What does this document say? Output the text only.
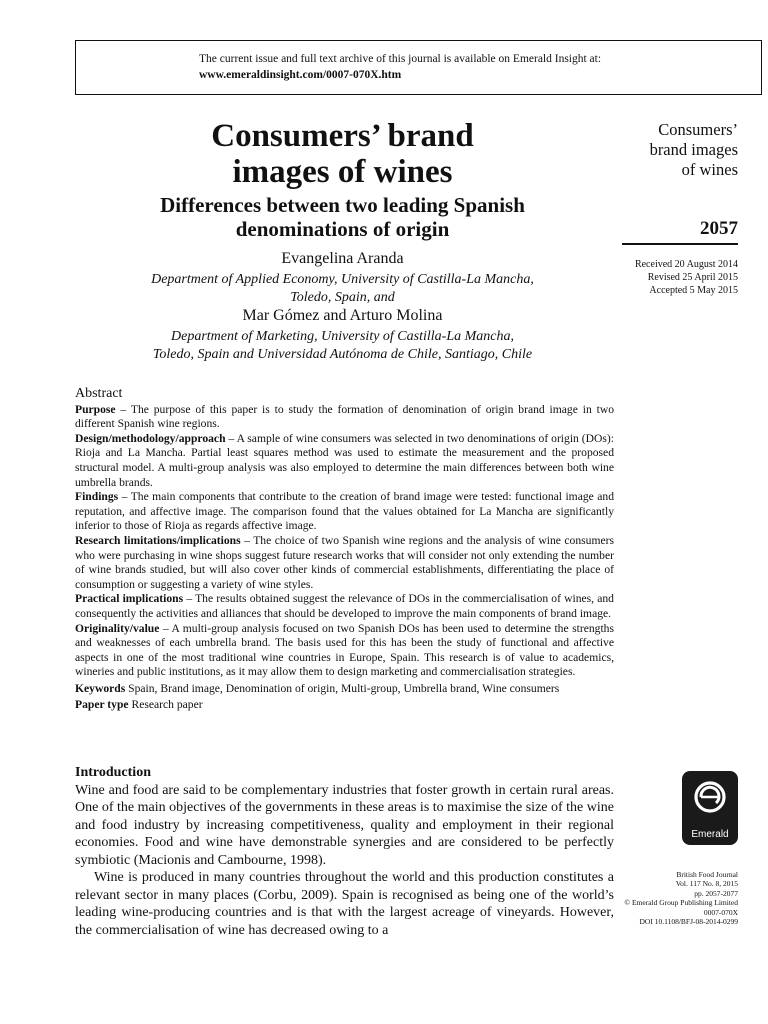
The current issue and full text archive of this journal is available on Emerald Insight at:
www.emeraldinsight.com/0007-070X.htm
Consumers’ brand
images of wines
Differences between two leading Spanish
denominations of origin
Evangelina Aranda
Department of Applied Economy, University of Castilla-La Mancha,
Toledo, Spain, and
Mar Gómez and Arturo Molina
Department of Marketing, University of Castilla-La Mancha,
Toledo, Spain and Universidad Autónoma de Chile, Santiago, Chile
Consumers’
brand images
of wines
2057
Received 20 August 2014
Revised 25 April 2015
Accepted 5 May 2015
Abstract

Purpose – The purpose of this paper is to study the formation of denomination of origin brand image in two different Spanish wine regions.

Design/methodology/approach – A sample of wine consumers was selected in two denominations of origin (DOs): Rioja and La Mancha. Partial least squares method was used to estimate the measurement and the proposed structural model. A multi-group analysis was also employed to determine the main differences between both wine umbrella brands.

Findings – The main components that contribute to the creation of brand image were tested: functional image and reputation, and affective image. The comparison found that the values obtained for La Mancha are significantly inferior to those of Rioja as regards affective image.

Research limitations/implications – The choice of two Spanish wine regions and the analysis of wine consumers who were purchasing in wine shops suggest future research works that will consider not only extending the number of wine brands studied, but will also cover other kinds of commercial establishments, differentiating the place of consumption or suggesting a variety of wine styles.

Practical implications – The results obtained suggest the relevance of DOs in the commercialisation of wines, and consequently the activities and alliances that should be developed to improve the main components of brand image.

Originality/value – A multi-group analysis focused on two Spanish DOs has been used to determine the strengths and weaknesses of each umbrella brand. The basis used for this has been the study of functional and affective aspects in one of the most traditional wine countries in Europe, Spain. This research is of value to academics, wineries and public institutions, as it may allow them to design marketing and commercialisation strategies.

Keywords Spain, Brand image, Denomination of origin, Multi-group, Umbrella brand, Wine consumers

Paper type Research paper

Introduction

Wine and food are said to be complementary industries that foster growth in certain rural areas. One of the main objectives of the governments in these areas is to maximise the size of the wine and food industry by increasing competitiveness, quality and employment in their regional economies. Food and wine have demonstrable synergies and are considered to be perfectly symbiotic (Macionis and Cambourne, 1998).

Wine is produced in many countries throughout the world and this production constitutes a relevant sector in many places (Corbu, 2009). Spain is recognised as being one of the world’s leading wine-producing countries and is that with the largest acreage of vineyards. However, the commercialisation of wine has decreased owing to a

Emerald
British Food Journal
Vol. 117 No. 8, 2015
pp. 2057-2077
© Emerald Group Publishing Limited
0007-070X
DOI 10.1108/BFJ-08-2014-0299
